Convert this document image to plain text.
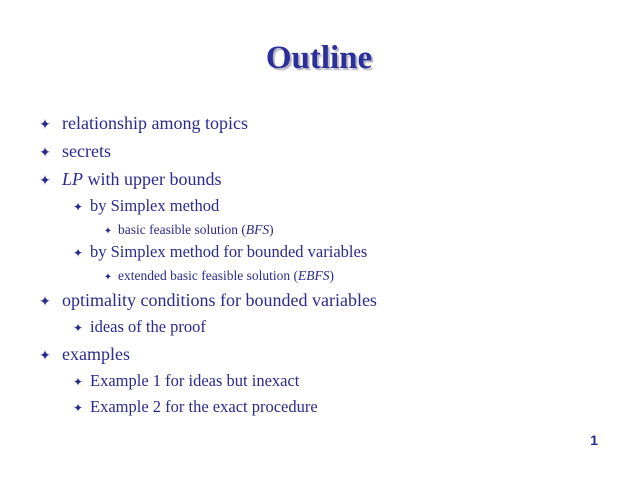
Outline
✦ relationship among topics
✦ secrets
✦ LP with upper bounds
✦ by Simplex method
✦ basic feasible solution (BFS)
✦ by Simplex method for bounded variables
✦ extended basic feasible solution (EBFS)
✦ optimality conditions for bounded variables
✦ ideas of the proof
✦ examples
✦ Example 1 for ideas but inexact
✦ Example 2 for the exact procedure
1
